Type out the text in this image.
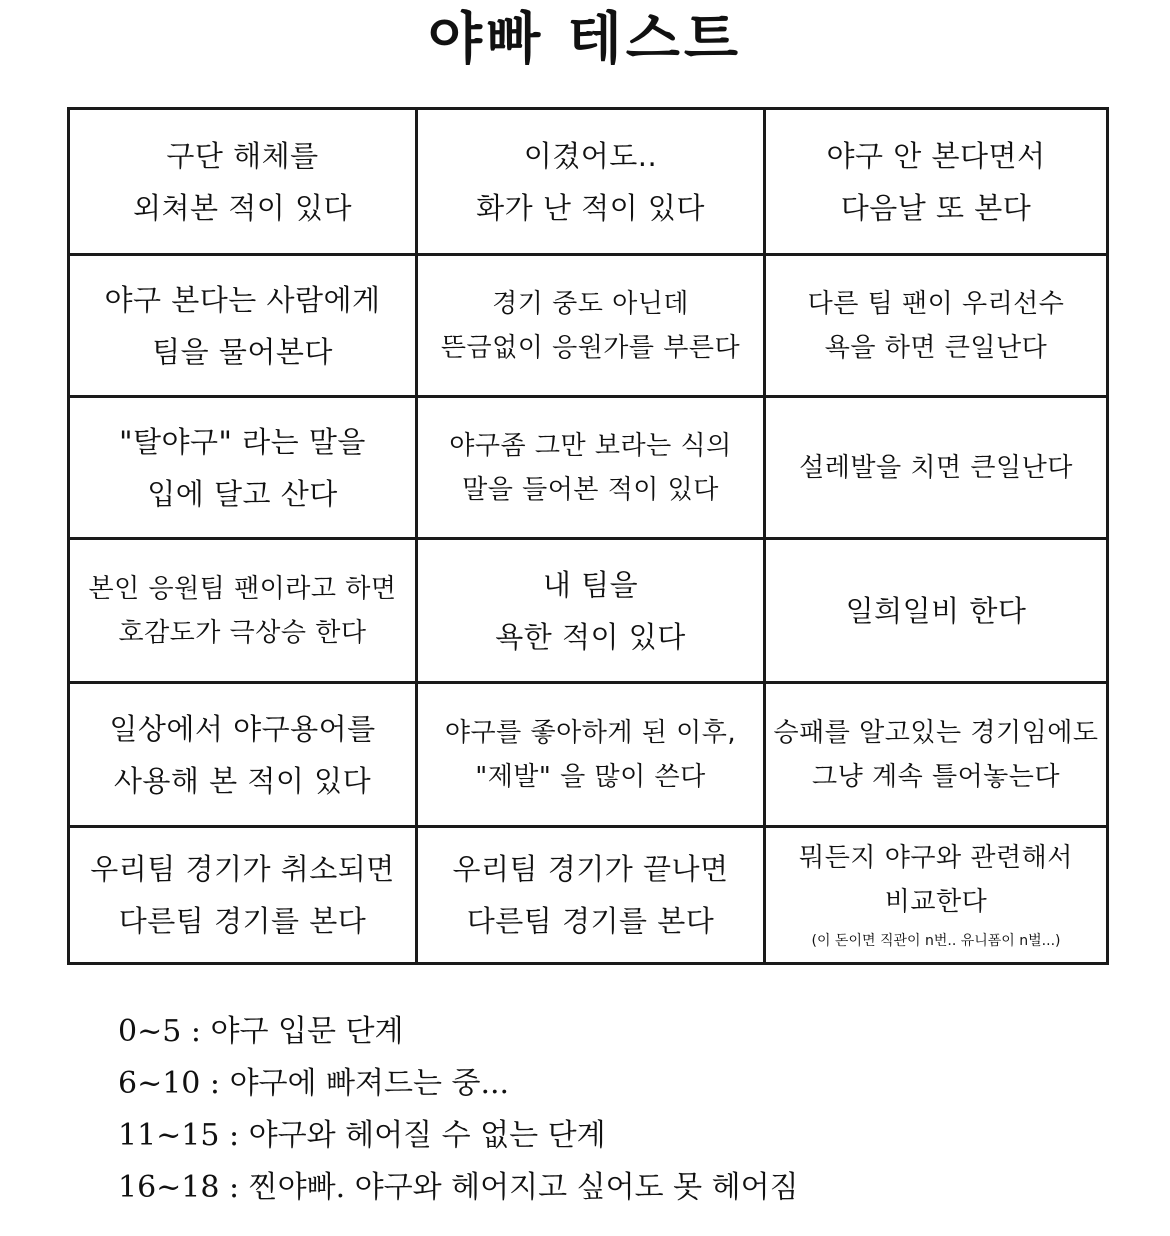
야빠 테스트
구단 해체를
외쳐본 적이 있다
이겼어도..
화가 난 적이 있다
야구 안 본다면서
다음날 또 본다
야구 본다는 사람에게
팀을 물어본다
경기 중도 아닌데
뜬금없이 응원가를 부른다
다른 팀 팬이 우리선수
욕을 하면 큰일난다
"탈야구" 라는 말을
입에 달고 산다
야구좀 그만 보라는 식의
말을 들어본 적이 있다
설레발을 치면 큰일난다
본인 응원팀 팬이라고 하면
호감도가 극상승 한다
내 팀을
욕한 적이 있다
일희일비 한다
일상에서 야구용어를
사용해 본 적이 있다
야구를 좋아하게 된 이후,
"제발" 을 많이 쓴다
승패를 알고있는 경기임에도
그냥 계속 틀어놓는다
우리팀 경기가 취소되면
다른팀 경기를 본다
우리팀 경기가 끝나면
다른팀 경기를 본다
뭐든지 야구와 관련해서
비교한다
(이 돈이면 직관이 n번.. 유니폼이 n벌...)
0~5 : 야구 입문 단계
6~10 : 야구에 빠져드는 중...
11~15 : 야구와 헤어질 수 없는 단계
16~18 : 찐야빠. 야구와 헤어지고 싶어도 못 헤어짐
